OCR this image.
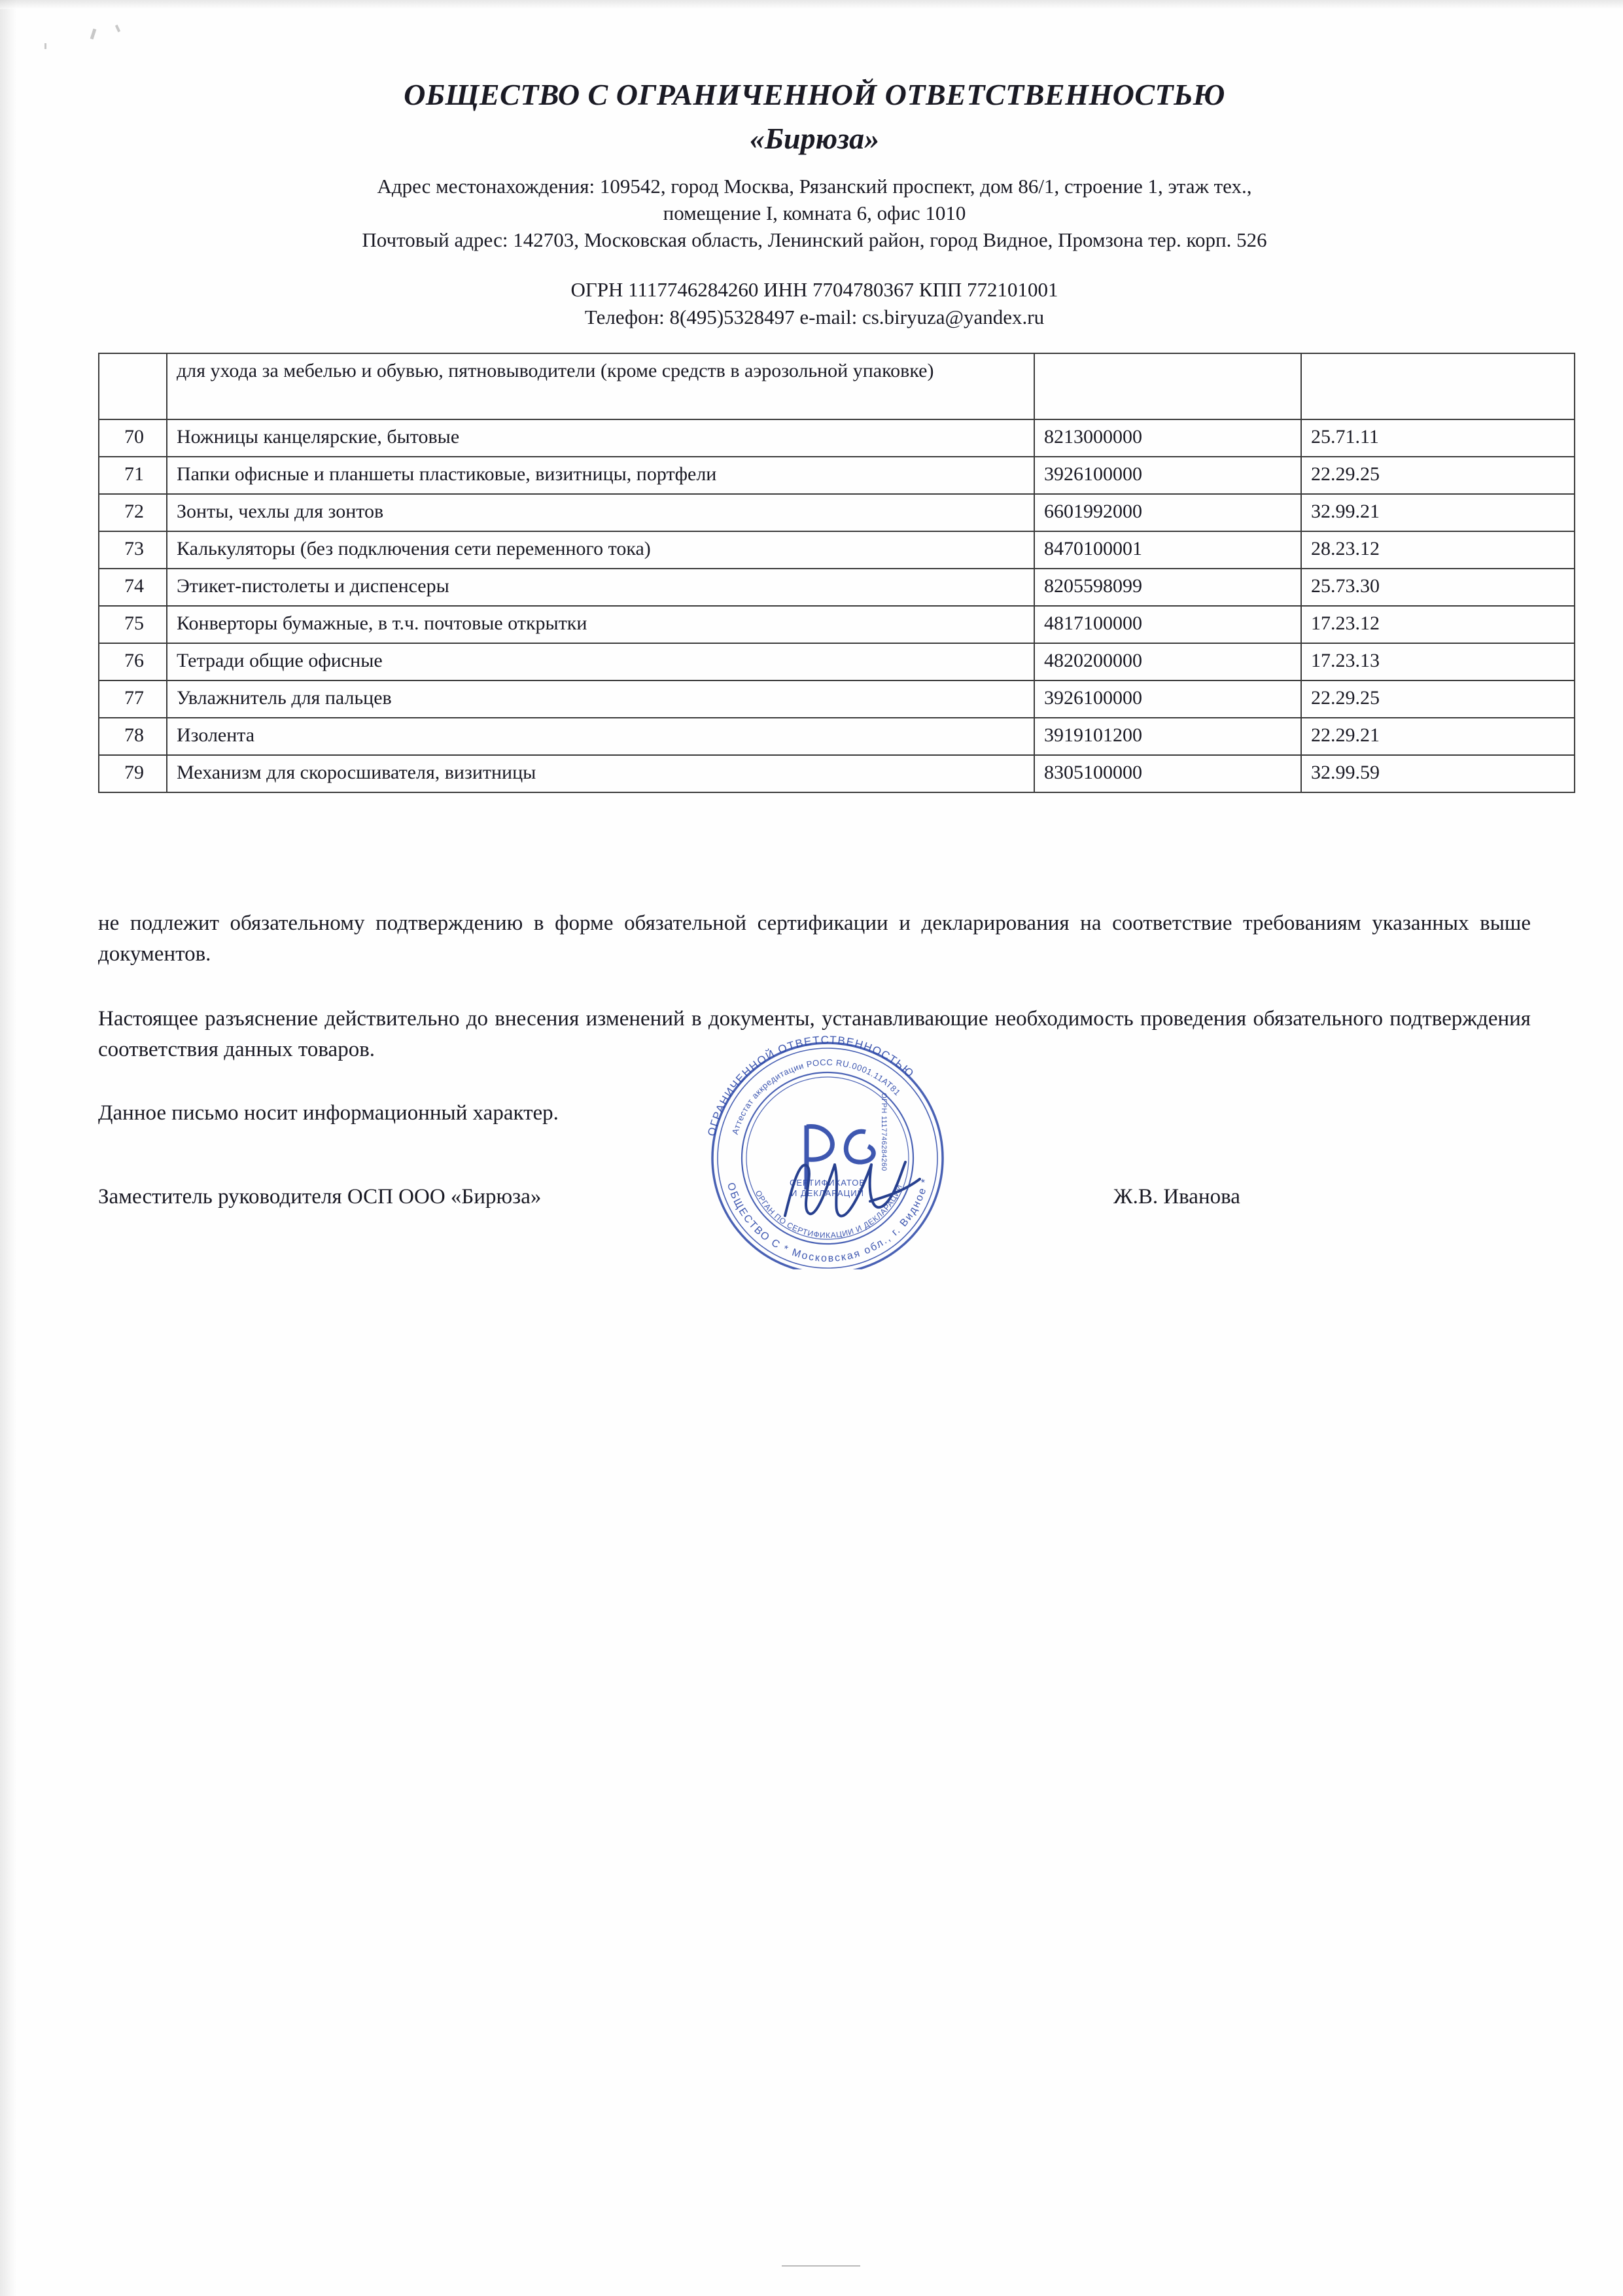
ОБЩЕСТВО С ОГРАНИЧЕННОЙ ОТВЕТСТВЕННОСТЬЮ
«Бирюза»
Адрес местонахождения: 109542, город Москва, Рязанский проспект, дом 86/1, строение 1, этаж тех.,
помещение I, комната 6, офис 1010
Почтовый адрес: 142703, Московская область, Ленинский район, город Видное, Промзона тер. корп. 526
ОГРН 1117746284260 ИНН 7704780367 КПП 772101001
Телефон: 8(495)5328497 e-mail: cs.biryuza@yandex.ru
	для ухода за мебелью и обувью, пятновыводители (кроме средств в аэрозольной упаковке)		
70	Ножницы канцелярские, бытовые	8213000000	25.71.11
71	Папки офисные и планшеты пластиковые, визитницы, портфели	3926100000	22.29.25
72	Зонты, чехлы для зонтов	6601992000	32.99.21
73	Калькуляторы (без подключения сети переменного тока)	8470100001	28.23.12
74	Этикет-пистолеты и диспенсеры	8205598099	25.73.30
75	Конверторы бумажные, в т.ч. почтовые открытки	4817100000	17.23.12
76	Тетради общие офисные	4820200000	17.23.13
77	Увлажнитель для пальцев	3926100000	22.29.25
78	Изолента	3919101200	22.29.21
79	Механизм для скоросшивателя, визитницы	8305100000	32.99.59
не подлежит обязательному подтверждению в форме обязательной сертификации и декларирования на соответствие требованиям указанных выше документов.
Настоящее разъяснение действительно до внесения изменений в документы, устанавливающие необходимость проведения обязательного подтверждения соответствия данных товаров.
Данное письмо носит информационный характер.
Заместитель руководителя ОСП ООО «Бирюза»	Ж.В. Иванова
ОГРАНИЧЕННОЙ ОТВЕТСТВЕННОСТЬЮ
ОБЩЕСТВО С * Московская обл., г. Видное *
Аттестат аккредитации РОСС RU.0001.11АТ81
ОРГАН ПО СЕРТИФИКАЦИИ И ДЕКЛАРАЦИЙ
СЕРТИФИКАТОВ
И ДЕКЛАРАЦИЙ
ОГРН 1117746284260
